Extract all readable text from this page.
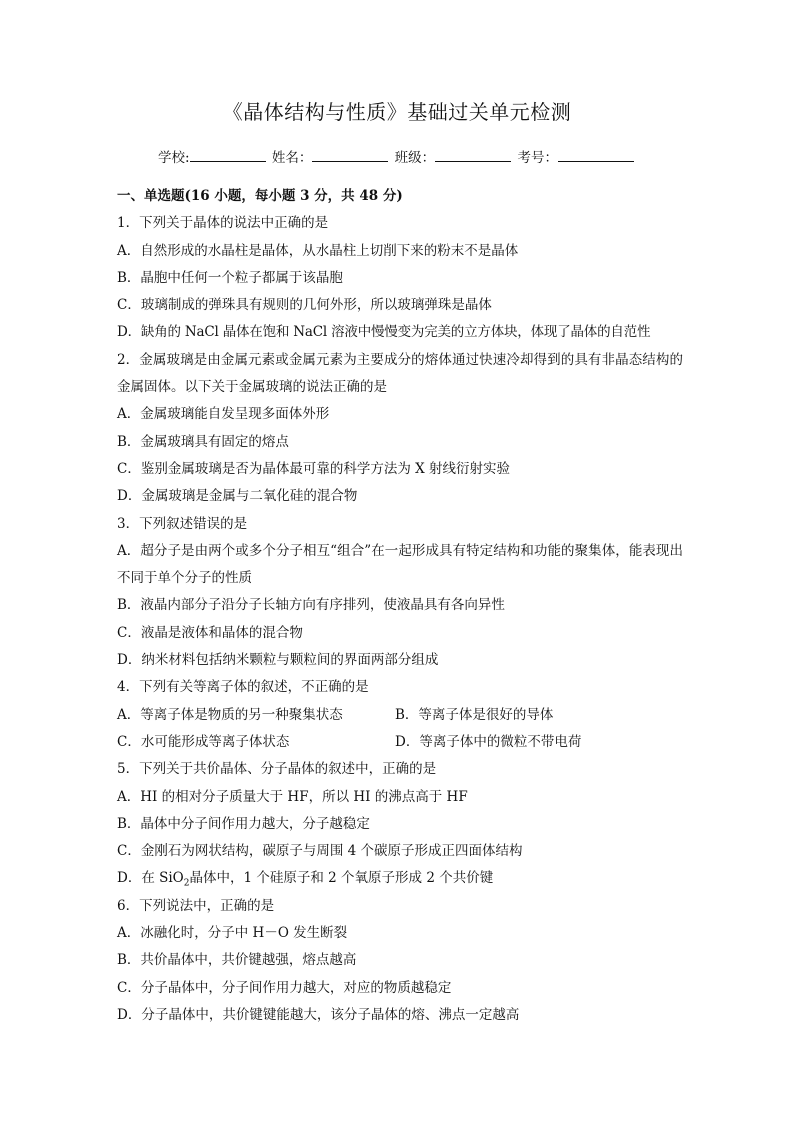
《晶体结构与性质》基础过关单元检测
学校:	姓名：	班级：	考号：
一、单选题(16 小题，每小题 3 分，共 48 分)
1．下列关于晶体的说法中正确的是
A．自然形成的水晶柱是晶体，从水晶柱上切削下来的粉末不是晶体
B．晶胞中任何一个粒子都属于该晶胞
C．玻璃制成的弹珠具有规则的几何外形，所以玻璃弹珠是晶体
D．缺角的 NaCl 晶体在饱和 NaCl 溶液中慢慢变为完美的立方体块，体现了晶体的自范性
2．金属玻璃是由金属元素或金属元素为主要成分的熔体通过快速冷却得到的具有非晶态结构的金属固体。以下关于金属玻璃的说法正确的是
A．金属玻璃能自发呈现多面体外形
B．金属玻璃具有固定的熔点
C．鉴别金属玻璃是否为晶体最可靠的科学方法为 X 射线衍射实验
D．金属玻璃是金属与二氧化硅的混合物
3．下列叙述错误的是
A．超分子是由两个或多个分子相互“组合”在一起形成具有特定结构和功能的聚集体，能表现出不同于单个分子的性质
B．液晶内部分子沿分子长轴方向有序排列，使液晶具有各向异性
C．液晶是液体和晶体的混合物
D．纳米材料包括纳米颗粒与颗粒间的界面两部分组成
4．下列有关等离子体的叙述，不正确的是
A．等离子体是物质的另一种聚集状态	B．等离子体是很好的导体
C．水可能形成等离子体状态	D．等离子体中的微粒不带电荷
5．下列关于共价晶体、分子晶体的叙述中，正确的是
A．HI 的相对分子质量大于 HF，所以 HI 的沸点高于 HF
B．晶体中分子间作用力越大，分子越稳定
C．金刚石为网状结构，碳原子与周围 4 个碳原子形成正四面体结构
D．在 SiO$_2$晶体中，1 个硅原子和 2 个氧原子形成 2 个共价键
6．下列说法中，正确的是
A．冰融化时，分子中 H－O 发生断裂
B．共价晶体中，共价键越强，熔点越高
C．分子晶体中，分子间作用力越大，对应的物质越稳定
D．分子晶体中，共价键键能越大，该分子晶体的熔、沸点一定越高
